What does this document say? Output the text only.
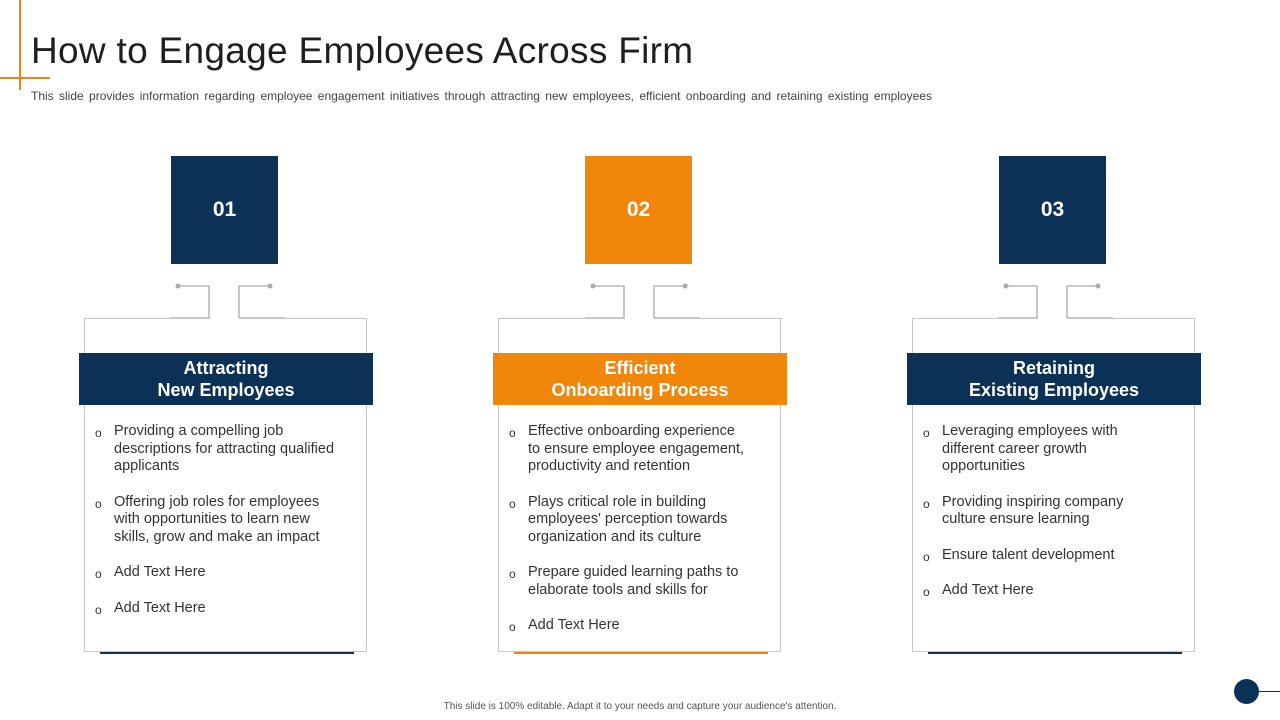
How to Engage Employees Across Firm
This slide provides information regarding employee engagement initiatives through attracting new employees, efficient onboarding and retaining existing employees
01
Attracting
New Employees
o Providing a compelling job descriptions for attracting qualified applicants
o Offering job roles for employees with opportunities to learn new skills, grow and make an impact
o Add Text Here
o Add Text Here
02
Efficient
Onboarding Process
o Effective onboarding experience to ensure employee engagement, productivity and retention
o Plays critical role in building employees' perception towards organization and its culture
o Prepare guided learning paths to elaborate tools and skills for
o Add Text Here
03
Retaining
Existing Employees
o Leveraging employees with different career growth opportunities
o Providing inspiring company culture ensure learning
o Ensure talent development
o Add Text Here
This slide is 100% editable. Adapt it to your needs and capture your audience's attention.
